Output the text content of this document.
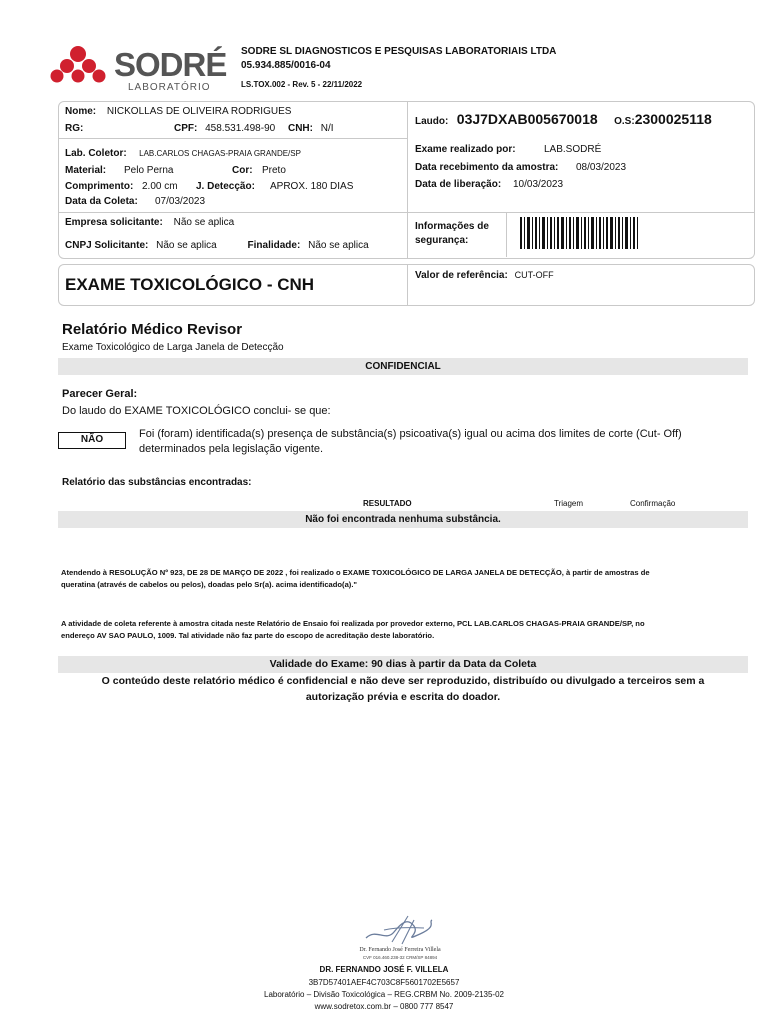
SODRÉ
LABORATÓRIO
SODRE SL DIAGNOSTICOS E PESQUISAS LABORATORIAIS LTDA
05.934.885/0016-04
LS.TOX.002 - Rev. 5 - 22/11/2022
Nome: NICKOLLAS DE OLIVEIRA RODRIGUES
RG:	CPF: 458.531.498-90 CNH: N/I
Laudo: 03J7DXAB005670018 O.S:2300025118
Lab. Coletor: LAB.CARLOS CHAGAS-PRAIA GRANDE/SP
Material: Pelo Perna	Cor: Preto
Comprimento: 2.00 cm J. Detecção: APROX. 180 DIAS
Data da Coleta: 07/03/2023
Exame realizado por:	LAB.SODRÉ
Data recebimento da amostra: 08/03/2023
Data de liberação: 10/03/2023
Empresa solicitante: Não se aplica
CNPJ Solicitante: Não se aplica	Finalidade: Não se aplica
Informações de
segurança:
EXAME TOXICOLÓGICO - CNH	Valor de referência: CUT-OFF
Relatório Médico Revisor
Exame Toxicológico de Larga Janela de Detecção
CONFIDENCIAL
Parecer Geral:
Do laudo do EXAME TOXICOLÓGICO conclui- se que:
NÃO	Foi (foram) identificada(s) presença de substância(s) psicoativa(s) igual ou acima dos limites de corte (Cut- Off)
determinados pela legislação vigente.
Relatório das substâncias encontradas:
RESULTADO	Triagem	Confirmação
Não foi encontrada nenhuma substância.
Atendendo à RESOLUÇÃO Nº 923, DE 28 DE MARÇO DE 2022 , foi realizado o EXAME TOXICOLÓGICO DE LARGA JANELA DE DETECÇÃO, à partir de amostras de
queratina (através de cabelos ou pelos), doadas pelo Sr(a). acima identificado(a)."
A atividade de coleta referente à amostra citada neste Relatório de Ensaio foi realizada por provedor externo, PCL LAB.CARLOS CHAGAS-PRAIA GRANDE/SP, no
endereço AV SAO PAULO, 1009. Tal atividade não faz parte do escopo de acreditação deste laboratório.
Validade do Exame: 90 dias à partir da Data da Coleta
O conteúdo deste relatório médico é confidencial e não deve ser reproduzido, distribuído ou divulgado a terceiros sem a
autorização prévia e escrita do doador.
Dr. Fernando José Ferreira Villela
CVF 016.460.238-32 CRM/SP 84894
DR. FERNANDO JOSÉ F. VILLELA
3B7D57401AEF4C703C8F5601702E5657
Laboratório – Divisão Toxicológica – REG.CRBM No. 2009-2135-02
www.sodretox.com.br – 0800 777 8547
